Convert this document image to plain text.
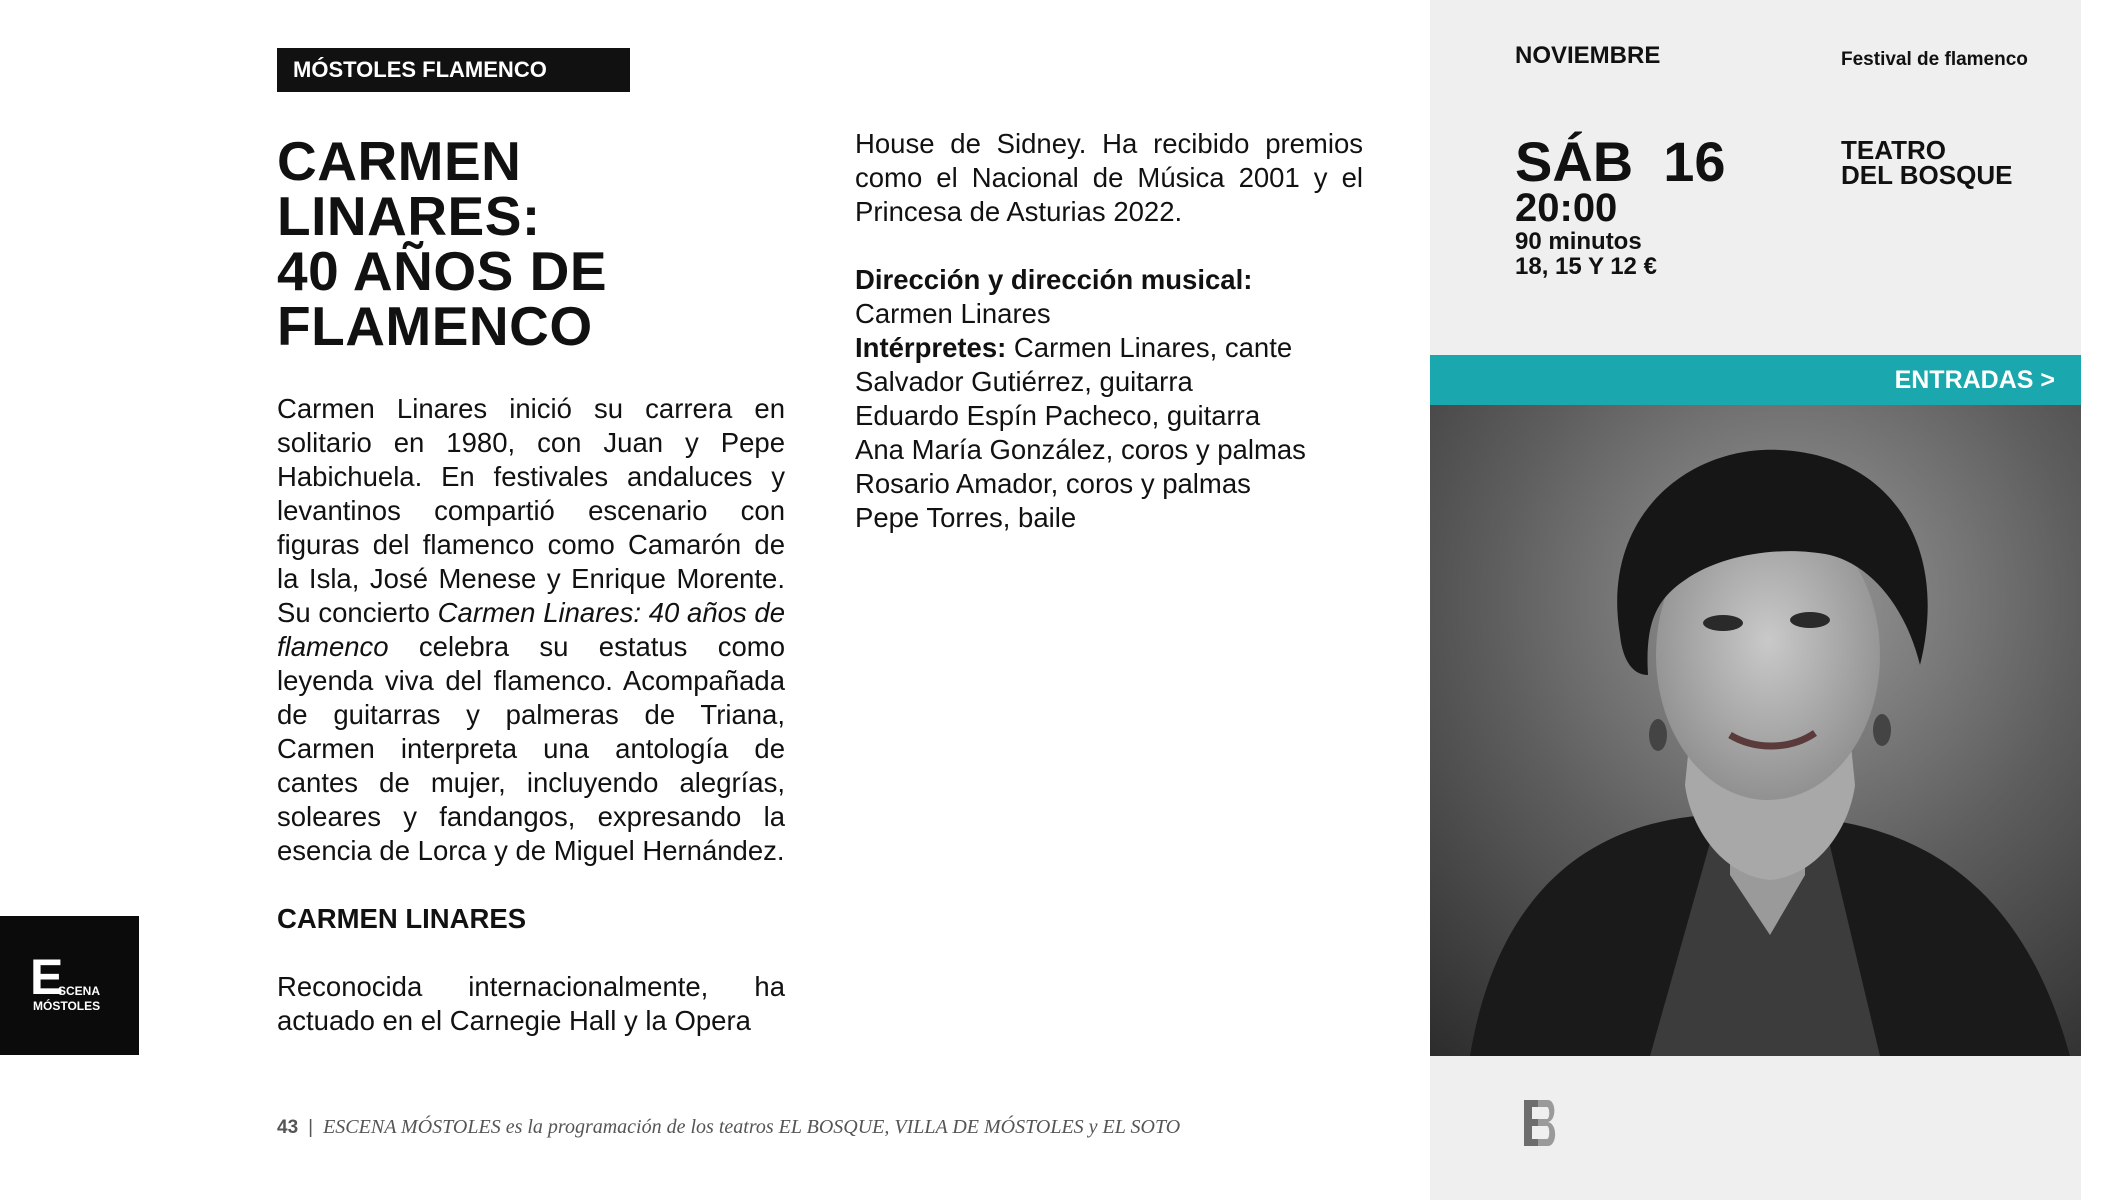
MÓSTOLES FLAMENCO
CARMEN
LINARES:
40 AÑOS DE
FLAMENCO

Carmen Linares inició su carrera en solitario en 1980, con Juan y Pepe Habichuela. En festivales andaluces y levantinos compartió escenario con figuras del flamenco como Camarón de la Isla, José Menese y Enrique Morente. Su concierto Carmen Linares: 40 años de flamenco celebra su estatus como leyenda viva del flamenco. Acompañada de guitarras y palmeras de Triana, Carmen interpreta una antología de cantes de mujer, incluyendo alegrías, soleares y fandangos, expresando la esencia de Lorca y de Miguel Hernández.

CARMEN LINARES

Reconocida internacionalmente, ha actuado en el Carnegie Hall y la Opera

House de Sidney. Ha recibido premios como el Nacional de Música 2001 y el Princesa de Asturias 2022.

Dirección y dirección musical:
Carmen Linares
Intérpretes: Carmen Linares, cante
Salvador Gutiérrez, guitarra
Eduardo Espín Pacheco, guitarra
Ana María González, coros y palmas
Rosario Amador, coros y palmas
Pepe Torres, baile
NOVIEMBRE	Festival de flamenco
SÁB 16
20:00
90 minutos
18, 15 Y 12 €
TEATRO
DEL BOSQUE
ENTRADAS >
E
SCENA
MÓSTOLES
43 | ESCENA MÓSTOLES es la programación de los teatros EL BOSQUE, VILLA DE MÓSTOLES y EL SOTO
